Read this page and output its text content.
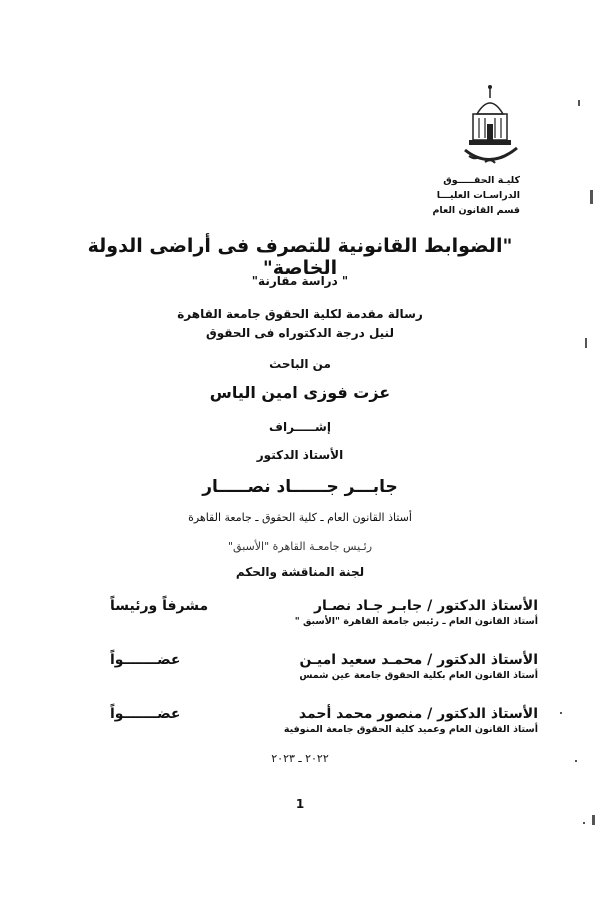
كليـة الحقـــــوق
الدراسـات العليـــا
قسم القانون العام
"الضوابط القانونية للتصرف فى أراضى الدولة الخاصة"
" دراسة مقارنة"
رسالة مقدمة لكلية الحقوق جامعة القاهرة
لنيل درجة الدكتوراه فى الحقوق
من الباحث
عزت فوزى امين الياس
إشـــــراف
الأستاذ الدكتور
جابـــر جــــــاد نصـــــار
أستاذ القانون العام ـ كلية الحقوق ـ جامعة القاهرة
رئـيس جامعـة القاهرة "الأسبق"
لجنة المناقشة والحكم
الأستاذ الدكتور / جابـر جـاد نصـار
أستاذ القانون العام ـ رئيس جامعة القاهرة "الأسبق "
مشرفاً ورئيساً
الأستاذ الدكتور / محمـد سعيد اميـن
أستاذ القانون العام بكلية الحقوق جامعة عين شمس
عضـــــــواً
الأستاذ الدكتور / منصور محمد أحمد
أستاذ القانون العام وعميد كلية الحقوق جامعة المنوفية
عضـــــــواً
٢٠٢٢ ـ ٢٠٢٣
1
